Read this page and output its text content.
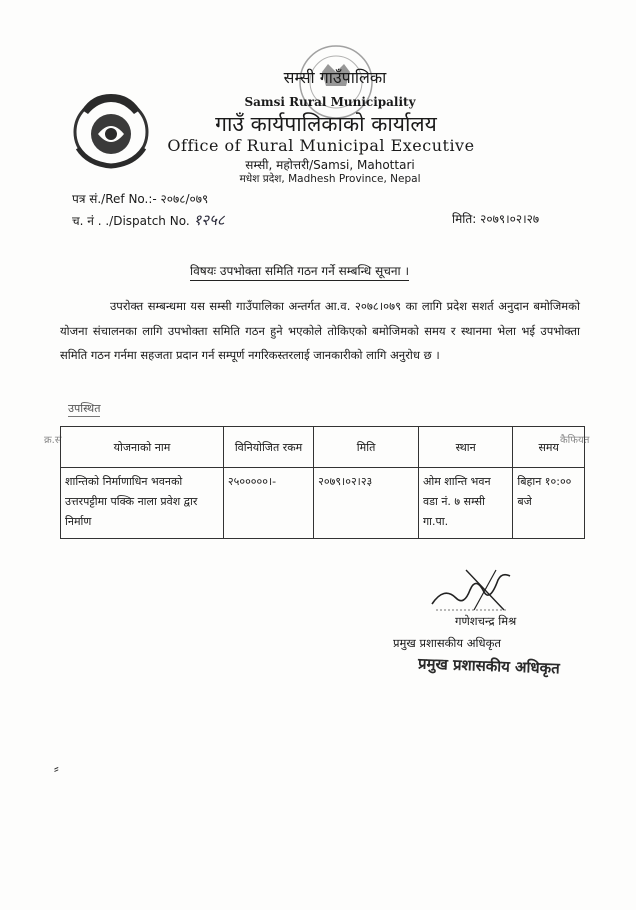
सम्सी गाउँपालिका
Samsi Rural Municipality
गाउँ कार्यपालिकाको कार्यालय
Office of Rural Municipal Executive
सम्सी, महोत्तरी/Samsi, Mahottari
मधेश प्रदेश, Madhesh Province, Nepal
पत्र सं./Ref No.:- २०७८/०७९
च. नं . ./Dispatch No. १२५८	मिति: २०७९।०२।२७
विषयः उपभोक्ता समिति गठन गर्ने सम्बन्धि सूचना ।
उपरोक्त सम्बन्धमा यस सम्सी गाउँपालिका अन्तर्गत आ.व. २०७८।०७९ का लागि प्रदेश सशर्त अनुदान बमोजिमको योजना संचालनका लागि उपभोक्ता समिति गठन हुने भएकोले तोकिएको बमोजिमको समय र स्थानमा भेला भई उपभोक्ता समिति गठन गर्नमा सहजता प्रदान गर्न सम्पूर्ण नगरिकस्तरलाई जानकारीको लागि अनुरोध छ ।
उपस्थित
क्र.सं	कैफियत
योजनाको नाम	विनियोजित रकम	मिति	स्थान	समय
शान्तिको निर्माणाधिन भवनको उत्तरपट्टीमा पक्कि नाला प्रवेश द्वार निर्माण	२५०००००।-	२०७९।०२।२३	ओम शान्ति भवन वडा नं. ७ सम्सी गा.पा.	बिहान १०:०० बजे
गणेशचन्द्र मिश्र
प्रमुख प्रशासकीय अधिकृत
प्रमुख प्रशासकीय अधिकृत
⸗
